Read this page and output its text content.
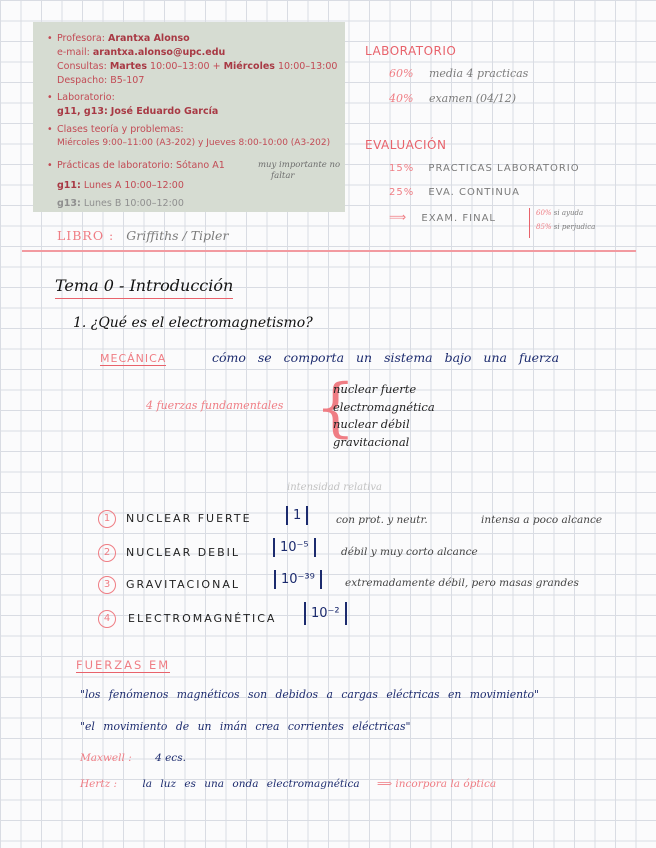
• Profesora: Arantxa Alonso
e-mail: arantxa.alonso@upc.edu
Consultas: Martes 10:00–13:00 + Miércoles 10:00–13:00
Despacho: B5-107
• Laboratorio:
g11, g13: José Eduardo García
• Clases teoría y problemas:
Miércoles 9:00–11:00 (A3-202) y Jueves 8:00-10:00 (A3-202)
• Prácticas de laboratorio: Sótano A1
g11: Lunes A 10:00–12:00
g13: Lunes B 10:00–12:00
muy importante no
faltar
LIBRO : Griffiths / Tipler
LABORATORIO
60% media 4 practicas
40% examen (04/12)
EVALUACIÓN
15% PRACTICAS LABORATORIO
25% EVA. CONTINUA
⟹ EXAM. FINAL	60% si ayuda
85% si perjudica
Tema 0 - Introducción
1. ¿Qué es el electromagnetismo?
MECÁNICA	cómo se comporta un sistema bajo una fuerza
4 fuerzas fundamentales {
nuclear fuerte
electromagnética
nuclear débil
gravitacional
intensidad relativa
1	NUCLEAR FUERTE	1	con prot. y neutr.	intensa a poco alcance
2	NUCLEAR DEBIL	10⁻⁵	débil y muy corto alcance
3	GRAVITACIONAL	10⁻³⁹	extremadamente débil, pero masas grandes
4	ELECTROMAGNÉTICA	10⁻²
FUERZAS EM
"los fenómenos magnéticos son debidos a cargas eléctricas en movimiento"
"el movimiento de un imán crea corrientes eléctricas"
Maxwell : 4 ecs.
Hertz : la luz es una onda electromagnética ⟹ incorpora la óptica
